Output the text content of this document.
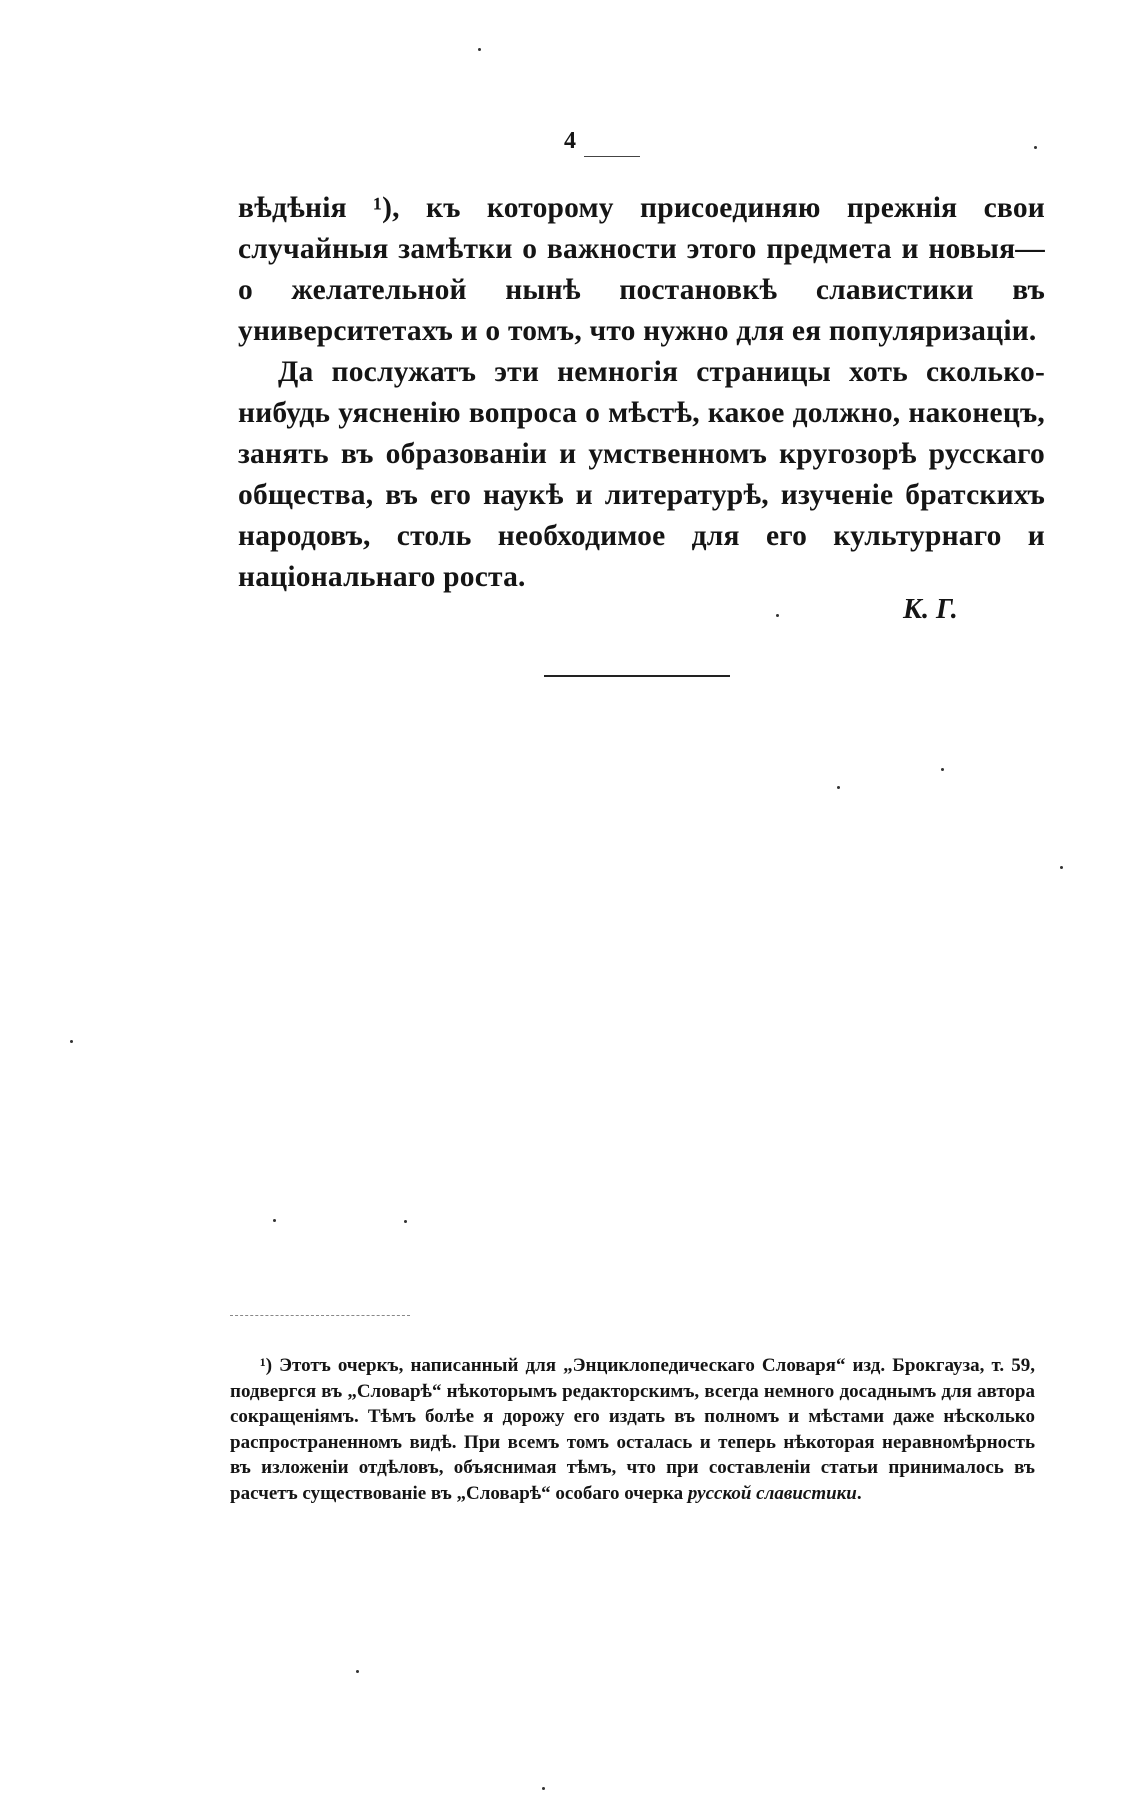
4

вѣдѣнія ¹), къ которому присоединяю прежнія свои случайныя замѣтки о важности этого предмета и новыя—о желательной нынѣ постановкѣ славистики въ университетахъ и о томъ, что нужно для ея популяризаціи.

Да послужатъ эти немногія страницы хоть сколько-нибудь уясненію вопроса о мѣстѣ, какое должно, наконецъ, занять въ образованіи и умственномъ кругозорѣ русскаго общества, въ его наукѣ и литературѣ, изученіе братскихъ народовъ, столь необходимое для его культурнаго и національнаго роста.

К. Г.

¹) Этотъ очеркъ, написанный для „Энциклопедическаго Словаря“ изд. Брокгауза, т. 59, подвергся въ „Словарѣ“ нѣкоторымъ редакторскимъ, всегда немного досаднымъ для автора сокращеніямъ. Тѣмъ болѣе я дорожу его издать въ полномъ и мѣстами даже нѣсколько распространенномъ видѣ. При всемъ томъ осталась и теперь нѣкоторая неравномѣрность въ изложеніи отдѣловъ, объяснимая тѣмъ, что при составленіи статьи принималось въ расчетъ существованіе въ „Словарѣ“ особаго очерка русской славистики.
